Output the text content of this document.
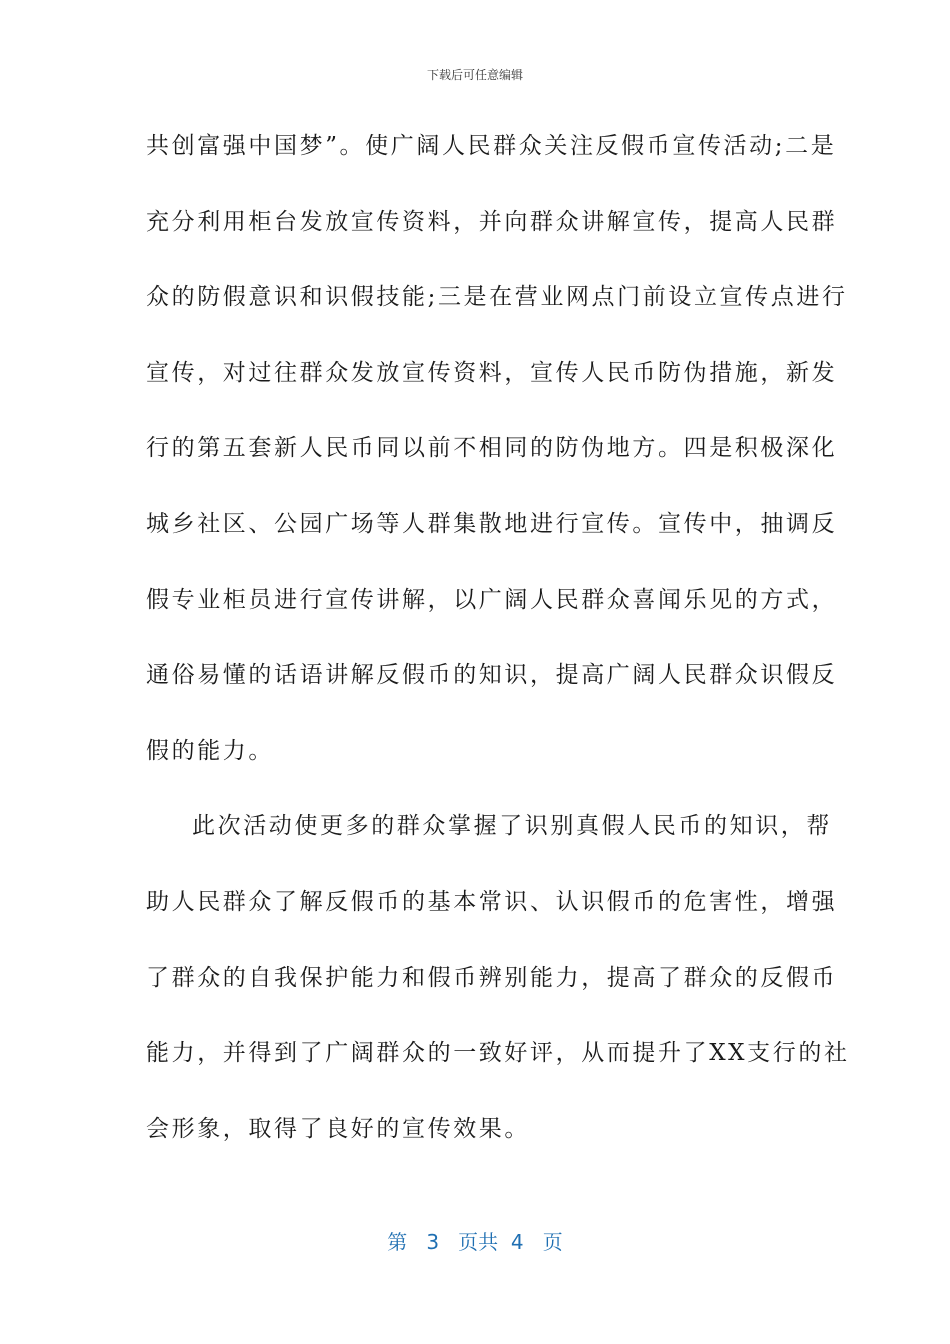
下载后可任意编辑
共创富强中国梦”。使广阔人民群众关注反假币宣传活动;二是
充分利用柜台发放宣传资料，并向群众讲解宣传，提高人民群
众的防假意识和识假技能;三是在营业网点门前设立宣传点进行
宣传，对过往群众发放宣传资料，宣传人民币防伪措施，新发
行的第五套新人民币同以前不相同的防伪地方。四是积极深化
城乡社区、公园广场等人群集散地进行宣传。宣传中，抽调反
假专业柜员进行宣传讲解，以广阔人民群众喜闻乐见的方式，
通俗易懂的话语讲解反假币的知识，提高广阔人民群众识假反
假的能力。
此次活动使更多的群众掌握了识别真假人民币的知识，帮
助人民群众了解反假币的基本常识、认识假币的危害性，增强
了群众的自我保护能力和假币辨别能力，提高了群众的反假币
能力，并得到了广阔群众的一致好评，从而提升了XX支行的社
会形象，取得了良好的宣传效果。
第 3 页共 4 页
